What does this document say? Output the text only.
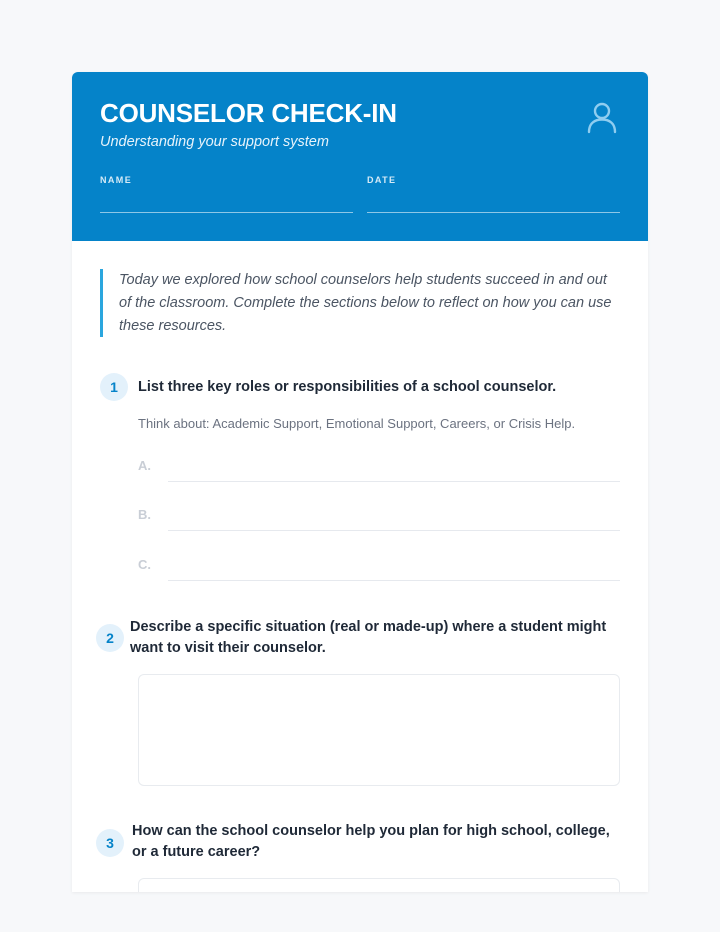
COUNSELOR CHECK-IN
Understanding your support system
NAME	DATE
Today we explored how school counselors help students succeed in and out of the classroom. Complete the sections below to reflect on how you can use these resources.
1	List three key roles or responsibilities of a school counselor.
Think about: Academic Support, Emotional Support, Careers, or Crisis Help.
A.
B.
C.
2
Describe a specific situation (real or made-up) where a student might want to visit their counselor.
3
How can the school counselor help you plan for high school, college, or a future career?
